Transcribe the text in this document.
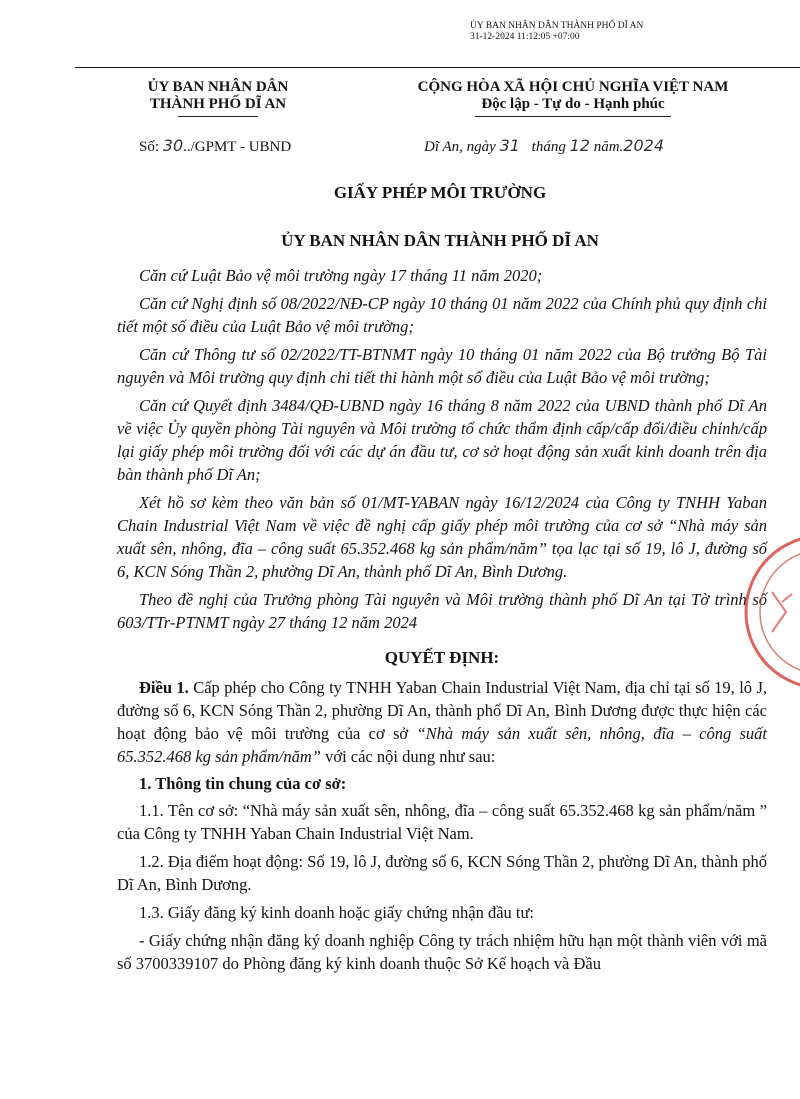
ỦY BAN NHÂN DÂN THÀNH PHỐ DĨ AN
31-12-2024 11:12:05 +07:00
ỦY BAN NHÂN DÂN
THÀNH PHỐ DĨ AN
CỘNG HÒA XÃ HỘI CHỦ NGHĨA VIỆT NAM
Độc lập - Tự do - Hạnh phúc
Số: 30../GPMT - UBND	Dĩ An, ngày 31 tháng 12 năm.2024
GIẤY PHÉP MÔI TRƯỜNG
ỦY BAN NHÂN DÂN THÀNH PHỐ DĨ AN
Căn cứ Luật Bảo vệ môi trường ngày 17 tháng 11 năm 2020;
Căn cứ Nghị định số 08/2022/NĐ-CP ngày 10 tháng 01 năm 2022 của Chính phủ quy định chi tiết một số điều của Luật Bảo vệ môi trường;
Căn cứ Thông tư số 02/2022/TT-BTNMT ngày 10 tháng 01 năm 2022 của Bộ trưởng Bộ Tài nguyên và Môi trường quy định chi tiết thi hành một số điều của Luật Bảo vệ môi trường;
Căn cứ Quyết định 3484/QĐ-UBND ngày 16 tháng 8 năm 2022 của UBND thành phố Dĩ An về việc Ủy quyền phòng Tài nguyên và Môi trường tổ chức thẩm định cấp/cấp đổi/điều chỉnh/cấp lại giấy phép môi trường đối với các dự án đầu tư, cơ sở hoạt động sản xuất kinh doanh trên địa bàn thành phố Dĩ An;
Xét hồ sơ kèm theo văn bản số 01/MT-YABAN ngày 16/12/2024 của Công ty TNHH Yaban Chain Industrial Việt Nam về việc đề nghị cấp giấy phép môi trường của cơ sở “Nhà máy sản xuất sên, nhông, đĩa – công suất 65.352.468 kg sản phẩm/năm” tọa lạc tại số 19, lô J, đường số 6, KCN Sóng Thần 2, phường Dĩ An, thành phố Dĩ An, Bình Dương.
Theo đề nghị của Trưởng phòng Tài nguyên và Môi trường thành phố Dĩ An tại Tờ trình số 603/TTr-PTNMT ngày 27 tháng 12 năm 2024
QUYẾT ĐỊNH:
Điều 1. Cấp phép cho Công ty TNHH Yaban Chain Industrial Việt Nam, địa chỉ tại số 19, lô J, đường số 6, KCN Sóng Thần 2, phường Dĩ An, thành phố Dĩ An, Bình Dương được thực hiện các hoạt động bảo vệ môi trường của cơ sở “Nhà máy sản xuất sên, nhông, đĩa – công suất 65.352.468 kg sản phẩm/năm” với các nội dung như sau:
1. Thông tin chung của cơ sở:
1.1. Tên cơ sở: “Nhà máy sản xuất sên, nhông, đĩa – công suất 65.352.468 kg sản phẩm/năm ” của Công ty TNHH Yaban Chain Industrial Việt Nam.
1.2. Địa điểm hoạt động: Số 19, lô J, đường số 6, KCN Sóng Thần 2, phường Dĩ An, thành phố Dĩ An, Bình Dương.
1.3. Giấy đăng ký kinh doanh hoặc giấy chứng nhận đầu tư:
- Giấy chứng nhận đăng ký doanh nghiệp Công ty trách nhiệm hữu hạn một thành viên với mã số 3700339107 do Phòng đăng ký kinh doanh thuộc Sở Kế hoạch và Đầu
